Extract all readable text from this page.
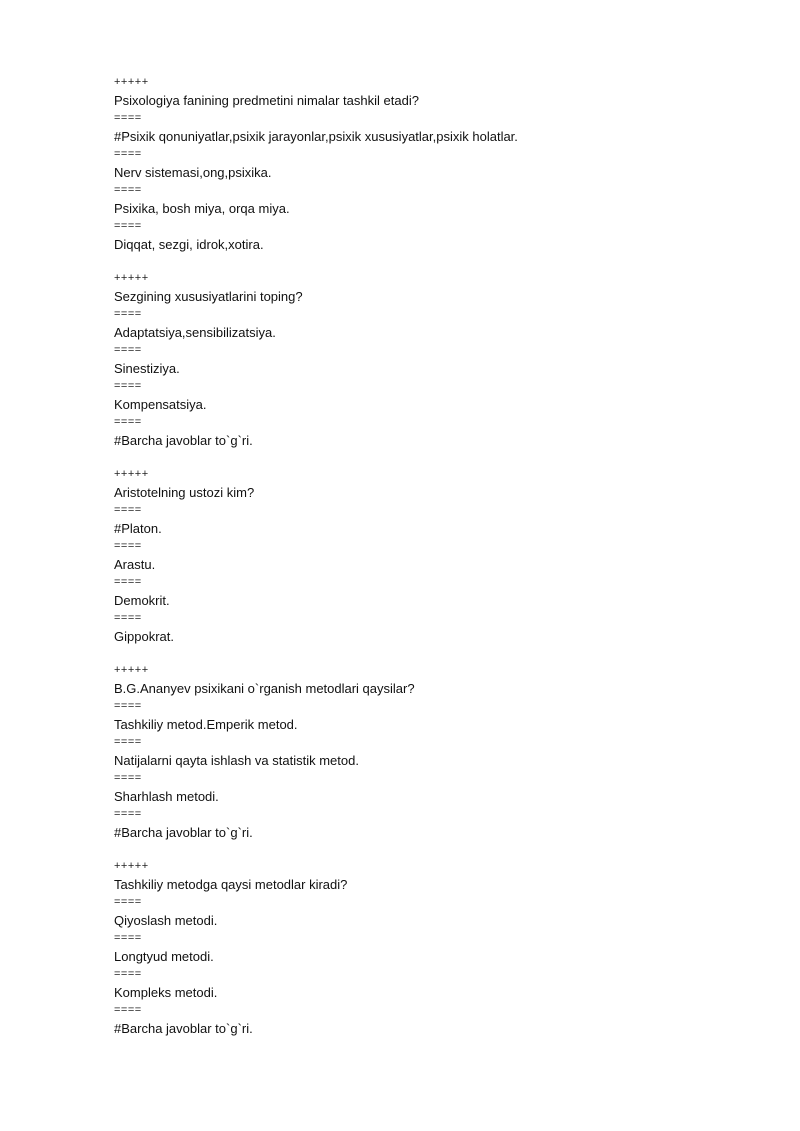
+++++
Psixologiya fanining predmetini nimalar tashkil etadi?
====
#Psixik qonuniyatlar,psixik jarayonlar,psixik xususiyatlar,psixik holatlar.
====
Nerv sistemasi,ong,psixika.
====
Psixika, bosh miya, orqa miya.
====
Diqqat, sezgi, idrok,xotira.
+++++
Sezgining xususiyatlarini toping?
====
Adaptatsiya,sensibilizatsiya.
====
Sinestiziya.
====
Kompensatsiya.
====
#Barcha javoblar to`g`ri.
+++++
Aristotelning ustozi kim?
====
#Platon.
====
Arastu.
====
Demokrit.
====
Gippokrat.
+++++
B.G.Ananyev psixikani o`rganish metodlari qaysilar?
====
Tashkiliy metod.Emperik metod.
====
Natijalarni qayta ishlash va statistik metod.
====
Sharhlash metodi.
====
#Barcha javoblar to`g`ri.
+++++
Tashkiliy metodga qaysi metodlar kiradi?
====
Qiyoslash metodi.
====
Longtyud metodi.
====
Kompleks metodi.
====
#Barcha javoblar to`g`ri.
